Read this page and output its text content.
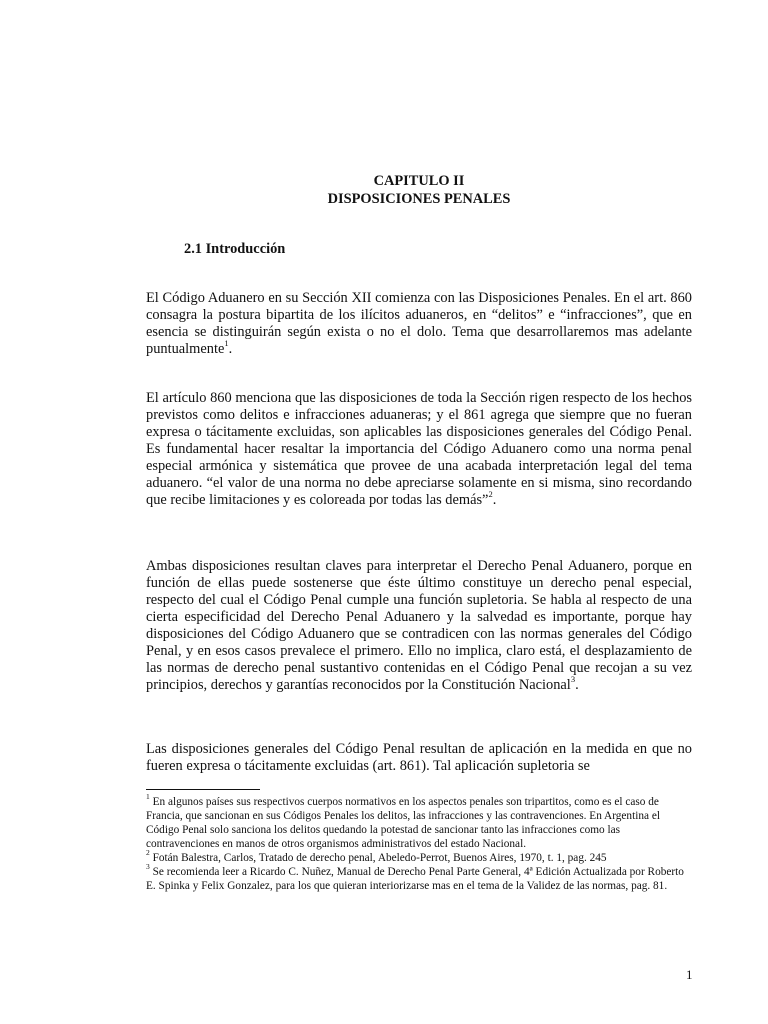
CAPITULO II
DISPOSICIONES PENALES
2.1 Introducción
El Código Aduanero en su Sección XII comienza con las Disposiciones Penales. En el art. 860 consagra la postura bipartita de los ilícitos aduaneros, en “delitos” e “infracciones”, que en esencia se distinguirán según exista o no el dolo. Tema que desarrollaremos mas adelante puntualmente$^1$.
El artículo 860 menciona que las disposiciones de toda la Sección rigen respecto de los hechos previstos como delitos e infracciones aduaneras; y el 861 agrega que siempre que no fueran expresa o tácitamente excluidas, son aplicables las disposiciones generales del Código Penal. Es fundamental hacer resaltar la importancia del Código Aduanero como una norma penal especial armónica y sistemática que provee de una acabada interpretación legal del tema aduanero. “el valor de una norma no debe apreciarse solamente en si misma, sino recordando que recibe limitaciones y es coloreada por todas las demás”$^2$.
Ambas disposiciones resultan claves para interpretar el Derecho Penal Aduanero, porque en función de ellas puede sostenerse que éste último constituye un derecho penal especial, respecto del cual el Código Penal cumple una función supletoria. Se habla al respecto de una cierta especificidad del Derecho Penal Aduanero y la salvedad es importante, porque hay disposiciones del Código Aduanero que se contradicen con las normas generales del Código Penal, y en esos casos prevalece el primero. Ello no implica, claro está, el desplazamiento de las normas de derecho penal sustantivo contenidas en el Código Penal que recojan a su vez principios, derechos y garantías reconocidos por la Constitución Nacional$^3$.
Las disposiciones generales del Código Penal resultan de aplicación en la medida en que no fueren expresa o tácitamente excluidas (art. 861). Tal aplicación supletoria se

$^1$ En algunos países sus respectivos cuerpos normativos en los aspectos penales son tripartitos, como es el caso de Francia, que sancionan en sus Códigos Penales los delitos, las infracciones y las contravenciones. En Argentina el Código Penal solo sanciona los delitos quedando la potestad de sancionar tanto las infracciones como las contravenciones en manos de otros organismos administrativos del estado Nacional.

$^2$ Fotán Balestra, Carlos, Tratado de derecho penal, Abeledo-Perrot, Buenos Aires, 1970, t. 1, pag. 245

$^3$ Se recomienda leer a Ricardo C. Nuñez, Manual de Derecho Penal Parte General, 4ª Edición Actualizada por Roberto E. Spinka y Felix Gonzalez, para los que quieran interiorizarse mas en el tema de la Validez de las normas, pag. 81.

1
